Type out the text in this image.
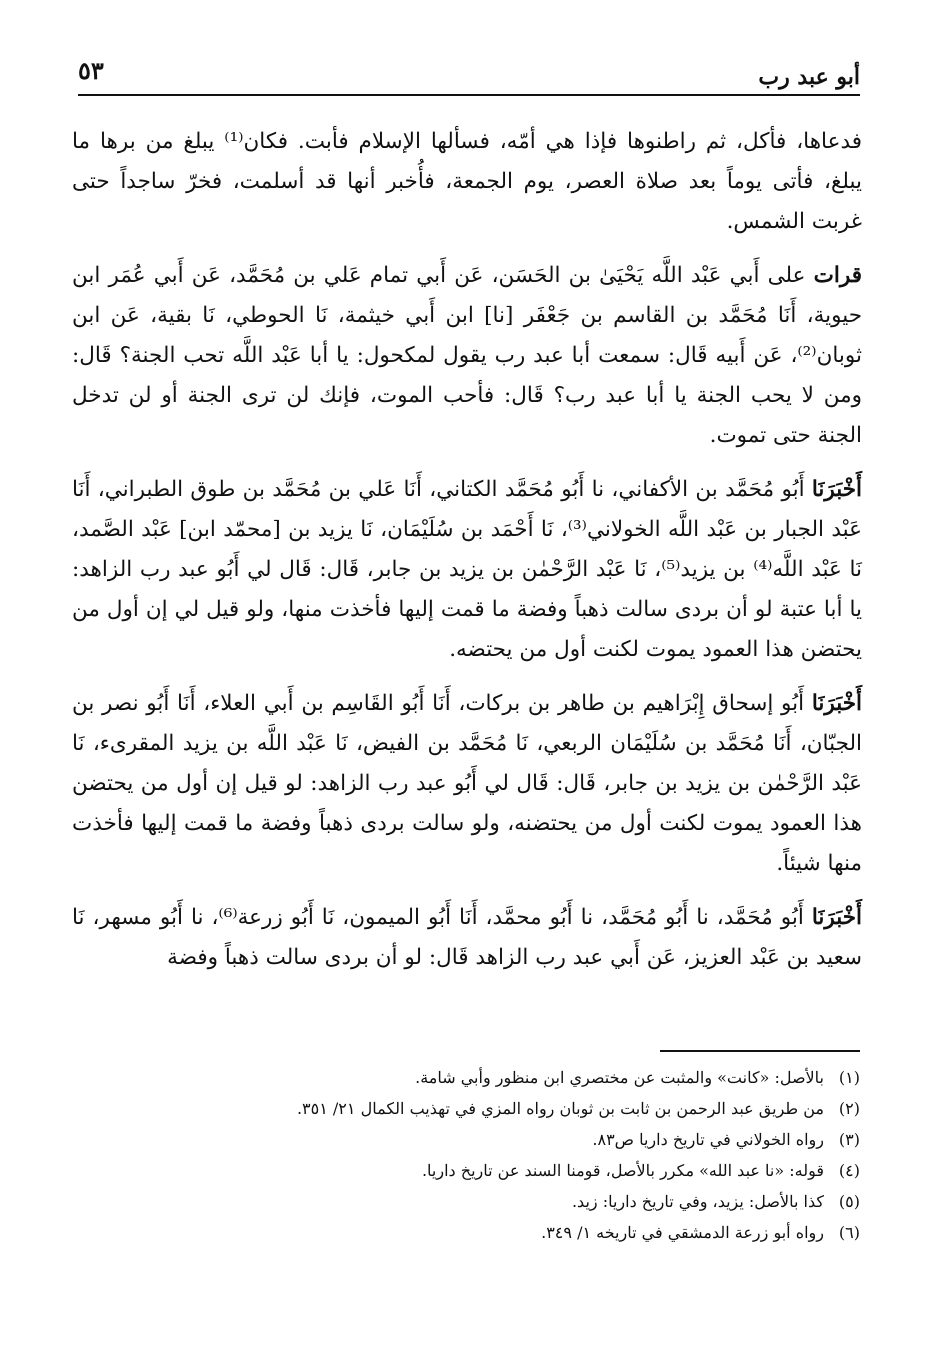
أبو عبد رب
٥٣

فدعاها، فأكل، ثم راطنوها فإذا هي أمّه، فسألها الإسلام فأبت. فكان⁽¹⁾ يبلغ من برها ما يبلغ، فأتى يوماً بعد صلاة العصر، يوم الجمعة، فأُخبر أنها قد أسلمت، فخرّ ساجداً حتى غربت الشمس.

قرات على أَبي عَبْد اللَّه يَحْيَىٰ بن الحَسَن، عَن أَبي تمام عَلي بن مُحَمَّد، عَن أَبي عُمَر ابن حيوية، أَنَا مُحَمَّد بن القاسم بن جَعْفَر [نا] ابن أَبي خيثمة، نَا الحوطي، نَا بقية، عَن ابن ثوبان⁽²⁾، عَن أَبيه قَال: سمعت أبا عبد رب يقول لمكحول: يا أبا عَبْد اللَّه تحب الجنة؟ قَال: ومن لا يحب الجنة يا أبا عبد رب؟ قَال: فأحب الموت، فإنك لن ترى الجنة أو لن تدخل الجنة حتى تموت.

أَخْبَرَنَا أَبُو مُحَمَّد بن الأكفاني، نا أَبُو مُحَمَّد الكتاني، أَنَا عَلي بن مُحَمَّد بن طوق الطبراني، أَنَا عَبْد الجبار بن عَبْد اللَّه الخولاني⁽³⁾، نَا أَحْمَد بن سُلَيْمَان، نَا يزيد بن [محمّد ابن] عَبْد الصَّمد، نَا عَبْد اللَّه⁽⁴⁾ بن يزيد⁽⁵⁾، نَا عَبْد الرَّحْمٰن بن يزيد بن جابر، قَال: قَال لي أَبُو عبد رب الزاهد: يا أبا عتبة لو أن بردى سالت ذهباً وفضة ما قمت إليها فأخذت منها، ولو قيل لي إن أول من يحتضن هذا العمود يموت لكنت أول من يحتضه.

أَخْبَرَنَا أَبُو إسحاق إِبْرَاهيم بن طاهر بن بركات، أَنَا أَبُو القَاسِم بن أَبي العلاء، أَنَا أَبُو نصر بن الجبّان، أَنَا مُحَمَّد بن سُلَيْمَان الربعي، نَا مُحَمَّد بن الفيض، نَا عَبْد اللَّه بن يزيد المقرىء، نَا عَبْد الرَّحْمٰن بن يزيد بن جابر، قَال: قَال لي أَبُو عبد رب الزاهد: لو قيل إن أول من يحتضن هذا العمود يموت لكنت أول من يحتضنه، ولو سالت بردى ذهباً وفضة ما قمت إليها فأخذت منها شيئاً.

أَخْبَرَنَا أَبُو مُحَمَّد، نا أَبُو مُحَمَّد، نا أَبُو محمَّد، أَنَا أَبُو الميمون، نَا أَبُو زرعة⁽⁶⁾، نا أَبُو مسهر، نَا سعيد بن عَبْد العزيز، عَن أَبي عبد رب الزاهد قَال: لو أن بردى سالت ذهباً وفضة

(١)
بالأصل: «كانت» والمثبت عن مختصري ابن منظور وأبي شامة.
(٢)
من طريق عبد الرحمن بن ثابت بن ثوبان رواه المزي في تهذيب الكمال ٢١/ ٣٥١.
(٣)
رواه الخولاني في تاريخ داريا ص٨٣.
(٤)
قوله: «نا عبد الله» مكرر بالأصل، قومنا السند عن تاريخ داريا.
(٥)
كذا بالأصل: يزيد، وفي تاريخ داريا: زيد.
(٦)
رواه أبو زرعة الدمشقي في تاريخه ١/ ٣٤٩.
